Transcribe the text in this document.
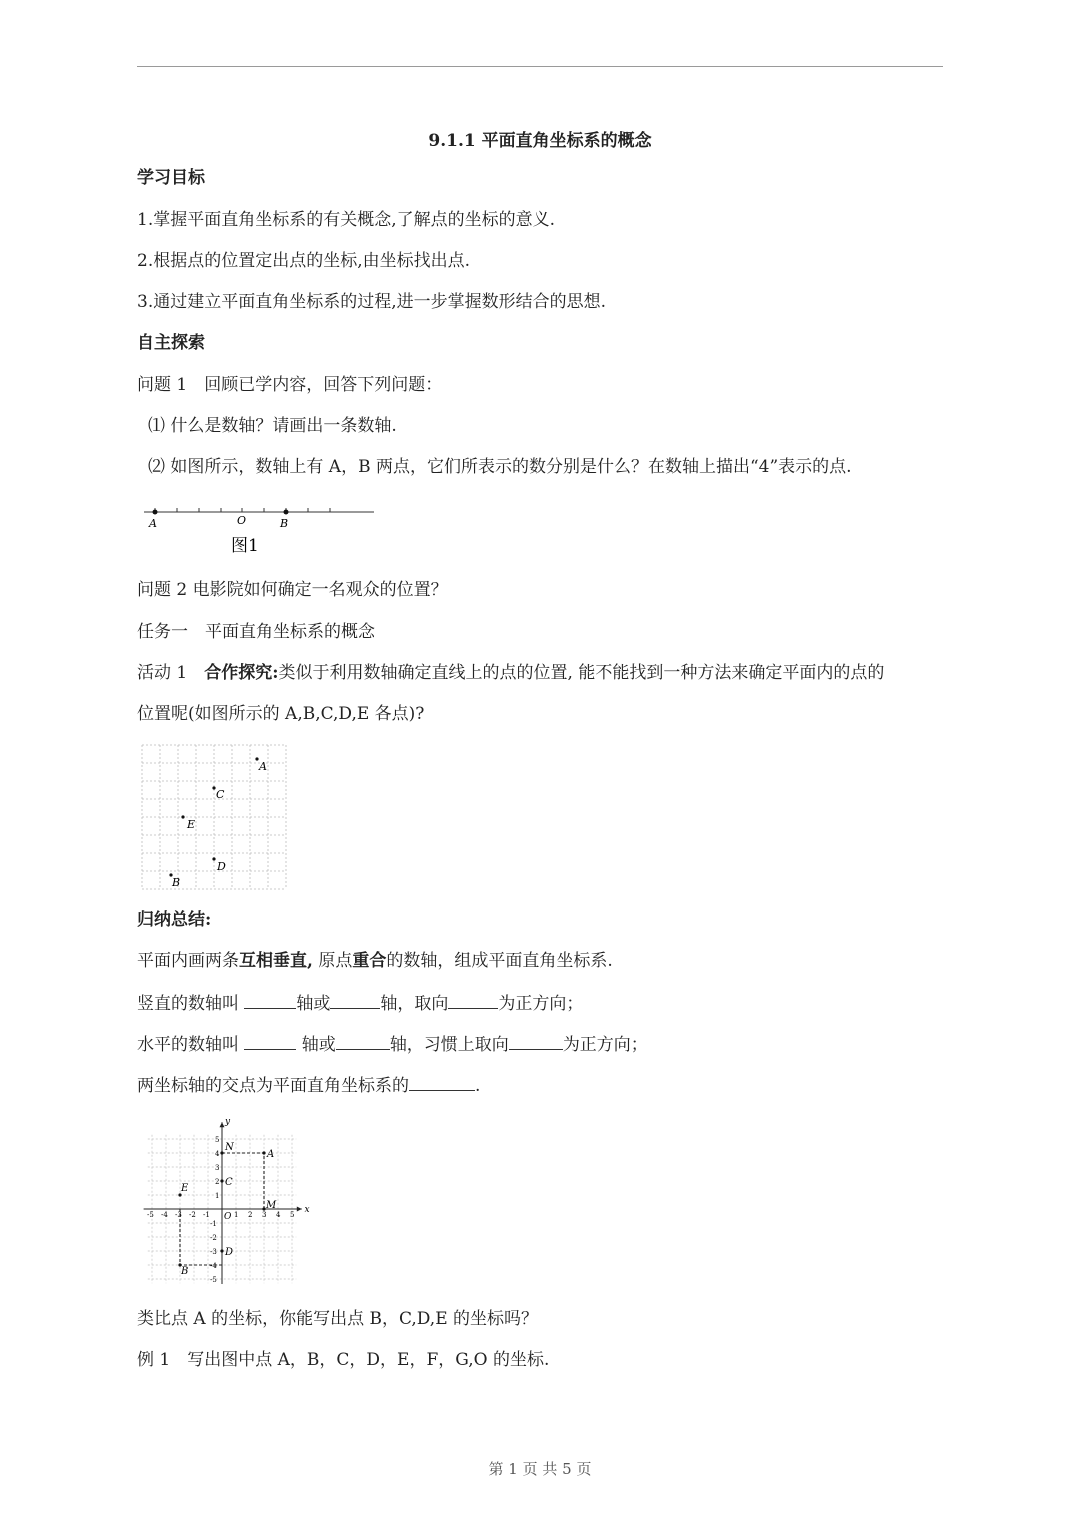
9.1.1 平面直角坐标系的概念
学习目标
1.掌握平面直角坐标系的有关概念,了解点的坐标的意义.
2.根据点的位置定出点的坐标,由坐标找出点.
3.通过建立平面直角坐标系的过程,进一步掌握数形结合的思想.
自主探索
问题 1　回顾已学内容，回答下列问题：
⑴ 什么是数轴？请画出一条数轴.
⑵ 如图所示，数轴上有 A，B 两点，它们所表示的数分别是什么？在数轴上描出“4”表示的点.
A	O	B
图1
问题 2 电影院如何确定一名观众的位置？
任务一　平面直角坐标系的概念
活动 1　合作探究:类似于利用数轴确定直线上的点的位置, 能不能找到一种方法来确定平面内的点的
位置呢(如图所示的 A,B,C,D,E 各点)?
A
C
E
D
B
归纳总结:
平面内画两条互相垂直, 原点重合的数轴，组成平面直角坐标系.
竖直的数轴叫	轴或	轴，取向	为正方向；
水平的数轴叫	轴或	轴，习惯上取向	为正方向；
两坐标轴的交点为平面直角坐标系的	.
x
y
O
-5 -4 -3 -2 -1	1 2 3 4 5
5
4
3
2
1
-1
-2
-3
-4
-5
N
A
C
M
E
D
B
类比点 A 的坐标，你能写出点 B，C,D,E 的坐标吗？
例 1　写出图中点 A，B，C，D，E，F，G,O 的坐标.
第 1 页 共 5 页
